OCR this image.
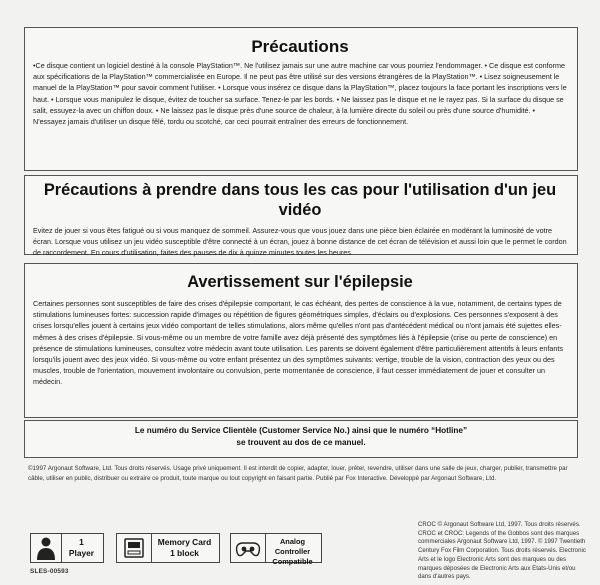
Précautions

•Ce disque contient un logiciel destiné à la console PlayStation™. Ne l'utilisez jamais sur une autre machine car vous pourriez l'endommager. • Ce disque est conforme aux spécifications de la PlayStation™ commercialisée en Europe. Il ne peut pas être utilisé sur des versions étrangères de la PlayStation™. • Lisez soigneusement le manuel de la PlayStation™ pour savoir comment l'utiliser. • Lorsque vous insérez ce disque dans la PlayStation™, placez toujours la face portant les inscriptions vers le haut. • Lorsque vous manipulez le disque, évitez de toucher sa surface. Tenez-le par les bords. • Ne laissez pas le disque et ne le rayez pas. Si la surface du disque se salit, essuyez-la avec un chiffon doux. • Ne laissez pas le disque près d'une source de chaleur, à la lumière directe du soleil ou près d'une source d'humidité. • N'essayez jamais d'utiliser un disque fêlé, tordu ou scotché, car ceci pourrait entraîner des erreurs de fonctionnement.

Précautions à prendre dans tous les cas pour l'utilisation d'un jeu vidéo

Evitez de jouer si vous êtes fatigué ou si vous manquez de sommeil. Assurez-vous que vous jouez dans une pièce bien éclairée en modérant la luminosité de votre écran. Lorsque vous utilisez un jeu vidéo susceptible d'être connecté à un écran, jouez à bonne distance de cet écran de télévision et aussi loin que le permet le cordon de raccordement. En cours d'utilisation, faites des pauses de dix à quinze minutes toutes les heures.

Avertissement sur l'épilepsie

Certaines personnes sont susceptibles de faire des crises d'épilepsie comportant, le cas échéant, des pertes de conscience à la vue, notamment, de certains types de stimulations lumineuses fortes: succession rapide d'images ou répétition de figures géométriques simples, d'éclairs ou d'explosions. Ces personnes s'exposent à des crises lorsqu'elles jouent à certains jeux vidéo comportant de telles stimulations, alors même qu'elles n'ont pas d'antécédent médical ou n'ont jamais été sujettes elles-mêmes à des crises d'épilepsie. Si vous-même ou un membre de votre famille avez déjà présenté des symptômes liés à l'épilepsie (crise ou perte de conscience) en présence de stimulations lumineuses, consultez votre médecin avant toute utilisation. Les parents se doivent également d'être particulièrement attentifs à leurs enfants lorsqu'ils jouent avec des jeux vidéo. Si vous-même ou votre enfant présentez un des symptômes suivants: vertige, trouble de la vision, contraction des yeux ou des muscles, trouble de l'orientation, mouvement involontaire ou convulsion, perte momentanée de conscience, il faut cesser immédiatement de jouer et consulter un médecin.

Le numéro du Service Clientèle (Customer Service No.) ainsi que le numéro “Hotline”
se trouvent au dos de ce manuel.

©1997 Argonaut Software, Ltd. Tous droits réservés. Usage privé uniquement. Il est interdit de copier, adapter, louer, prêter, revendre, utiliser dans une salle de jeux, charger, publier, transmettre par câble, utiliser en public, distribuer ou extraire ce produit, toute marque ou tout copyright en faisant partie. Publié par Fox Interactive. Développé par Argonaut Software, Ltd.

CROC © Argonaut Software Ltd, 1997. Tous droits réservés. CROC et CROC: Legends of the Gobbos sont des marques commerciales Argonaut Software Ltd, 1997. © 1997 Twentieth Century Fox Film Corporation. Tous droits réservés. Electronic Arts et le logo Electronic Arts sont des marques ou des marques déposées de Electronic Arts aux Etats-Unis et/ou dans d'autres pays.

1
Player
Memory Card
1 block
Analog Controller
Compatible
SLES-00593
